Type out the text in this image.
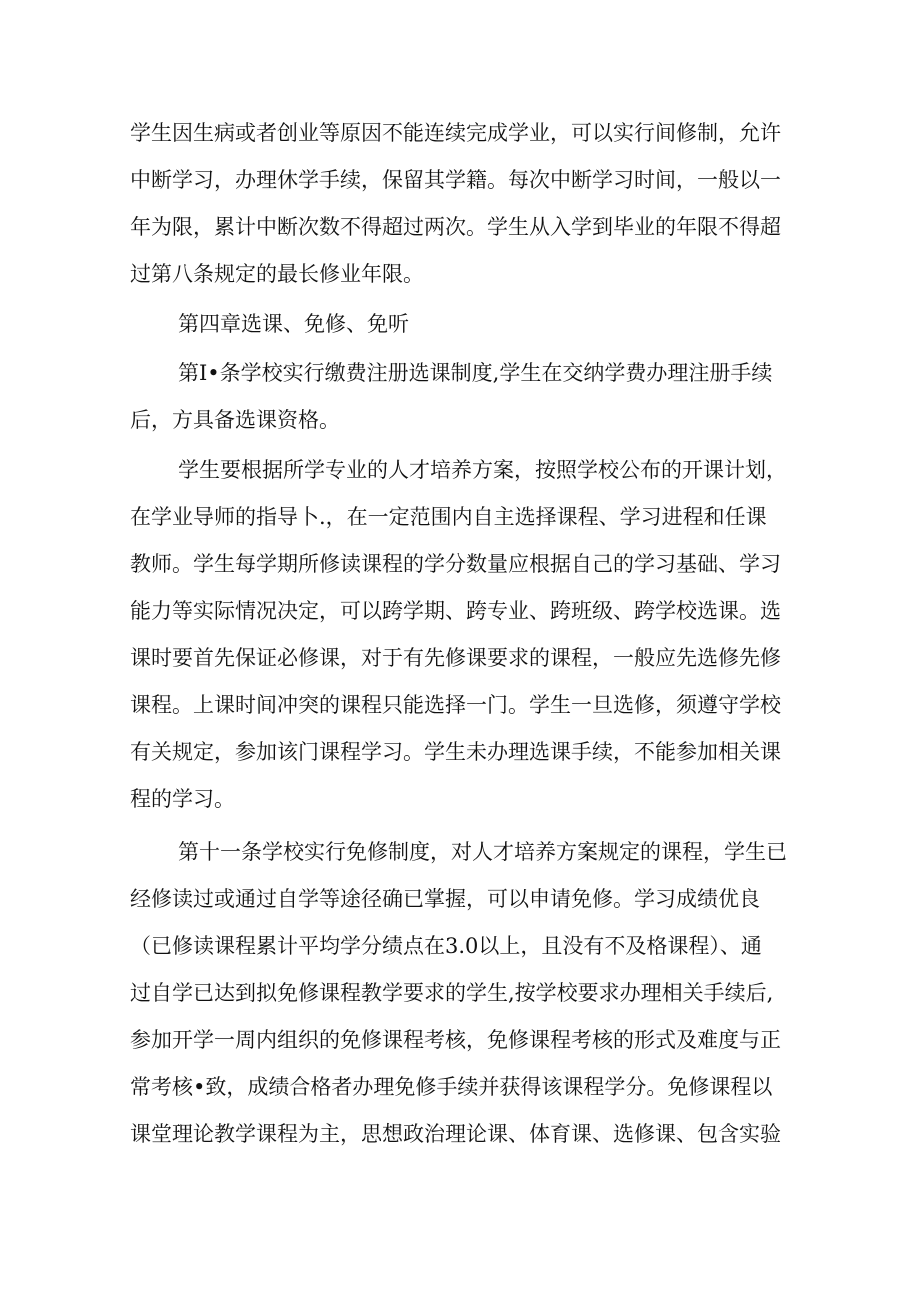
学生因生病或者创业等原因不能连续完成学业，可以实行间修制，允许
中断学习，办理休学手续，保留其学籍。每次中断学习时间，一般以一
年为限，累计中断次数不得超过两次。学生从入学到毕业的年限不得超
过第八条规定的最长修业年限。
第四章选课、免修、免听
第I•条学校实行缴费注册选课制度,学生在交纳学费办理注册手续
后，方具备选课资格。
学生要根据所学专业的人才培养方案，按照学校公布的开课计划，
在学业导师的指导卜.，在一定范围内自主选择课程、学习进程和任课
教师。学生每学期所修读课程的学分数量应根据自己的学习基础、学习
能力等实际情况决定，可以跨学期、跨专业、跨班级、跨学校选课。选
课时要首先保证必修课，对于有先修课要求的课程，一般应先选修先修
课程。上课时间冲突的课程只能选择一门。学生一旦选修，须遵守学校
有关规定，参加该门课程学习。学生未办理选课手续，不能参加相关课
程的学习。
第十一条学校实行免修制度，对人才培养方案规定的课程，学生已
经修读过或通过自学等途径确已掌握，可以申请免修。学习成绩优良
（已修读课程累计平均学分绩点在3.0以上，且没有不及格课程）、通
过自学已达到拟免修课程教学要求的学生,按学校要求办理相关手续后,
参加开学一周内组织的免修课程考核，免修课程考核的形式及难度与正
常考核•致，成绩合格者办理免修手续并获得该课程学分。免修课程以
课堂理论教学课程为主，思想政治理论课、体育课、选修课、包含实验
